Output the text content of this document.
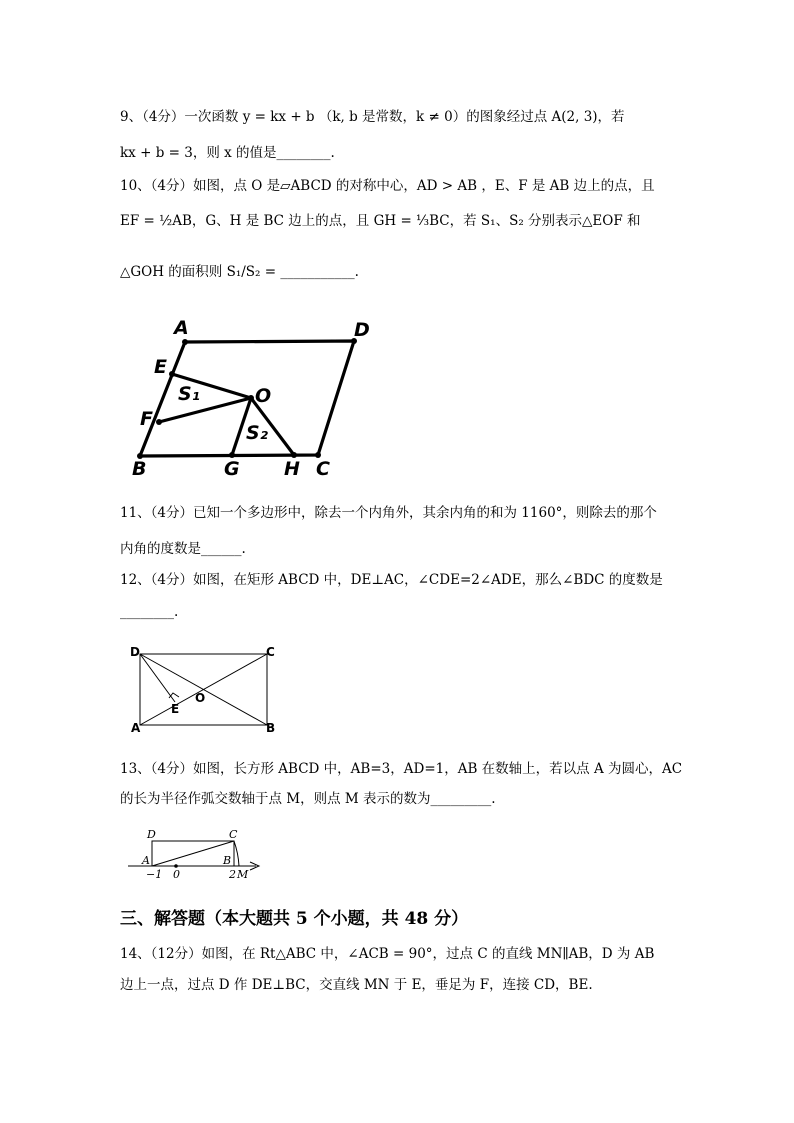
9、（4分）一次函数 y = kx + b （k, b 是常数，k ≠ 0）的图象经过点 A(2, 3)，若
kx + b = 3，则 x 的值是________.
10、（4分）如图，点 O 是▱ABCD 的对称中心，AD > AB ，E、F 是 AB 边上的点，且
EF = ½AB，G、H 是 BC 边上的点，且 GH = ⅓BC，若 S₁、S₂ 分别表示△EOF 和
△GOH 的面积则 S₁/S₂ = ___________.
A	D
E
O
S₁
F
S₂
B	G H C
11、（4分）已知一个多边形中，除去一个内角外，其余内角的和为 1160°，则除去的那个
内角的度数是______.
12、（4分）如图，在矩形 ABCD 中，DE⊥AC，∠CDE=2∠ADE，那么∠BDC 的度数是
________.
D	C
O
E
A	B
13、（4分）如图，长方形 ABCD 中，AB=3，AD=1，AB 在数轴上，若以点 A 为圆心，AC
的长为半径作弧交数轴于点 M，则点 M 表示的数为_________.
D	C
A	B
−1 0	2 M
三、解答题（本大题共 5 个小题，共 48 分）
14、（12分）如图，在 Rt△ABC 中，∠ACB = 90°，过点 C 的直线 MN∥AB，D 为 AB
边上一点，过点 D 作 DE⊥BC，交直线 MN 于 E，垂足为 F，连接 CD，BE.
